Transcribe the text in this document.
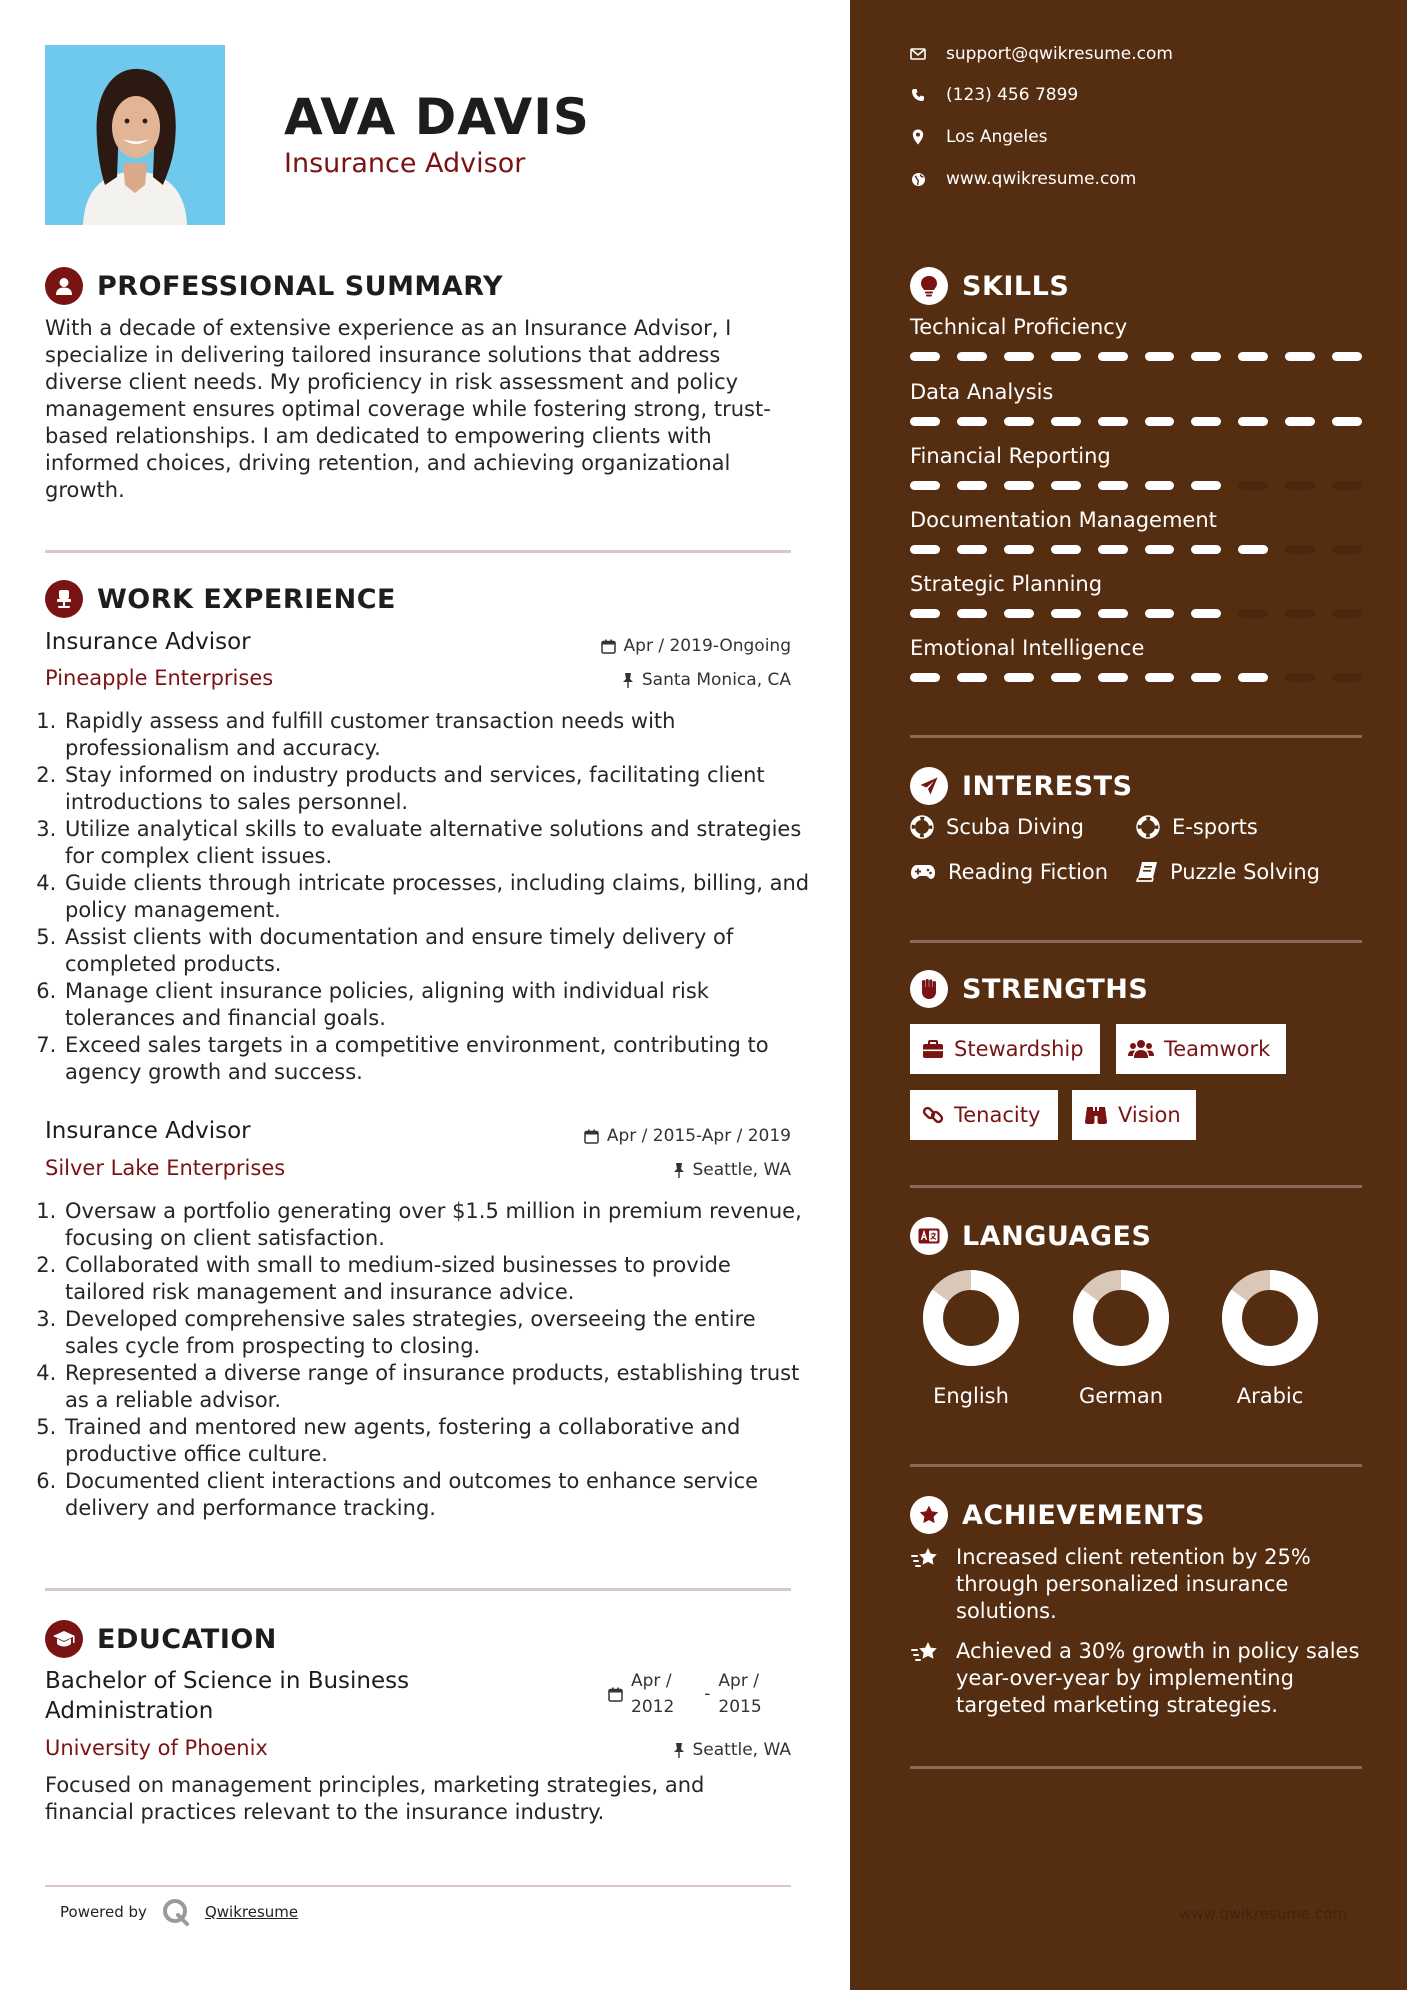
AVA DAVIS
Insurance Advisor
PROFESSIONAL SUMMARY

With a decade of extensive experience as an Insurance Advisor, I specialize in delivering tailored insurance solutions that address diverse client needs. My proficiency in risk assessment and policy management ensures optimal coverage while fostering strong, trust-based relationships. I am dedicated to empowering clients with informed choices, driving retention, and achieving organizational growth.

WORK EXPERIENCE
Insurance Advisor	Apr / 2019-Ongoing
Pineapple Enterprises	Santa Monica, CA
1. Rapidly assess and fulfill customer transaction needs with professionalism and accuracy.
2. Stay informed on industry products and services, facilitating client introductions to sales personnel.
3. Utilize analytical skills to evaluate alternative solutions and strategies for complex client issues.
4. Guide clients through intricate processes, including claims, billing, and policy management.
5. Assist clients with documentation and ensure timely delivery of completed products.
6. Manage client insurance policies, aligning with individual risk tolerances and financial goals.
7. Exceed sales targets in a competitive environment, contributing to agency growth and success.
Insurance Advisor	Apr / 2015-Apr / 2019
Silver Lake Enterprises	Seattle, WA
1. Oversaw a portfolio generating over $1.5 million in premium revenue, focusing on client satisfaction.
2. Collaborated with small to medium-sized businesses to provide tailored risk management and insurance advice.
3. Developed comprehensive sales strategies, overseeing the entire sales cycle from prospecting to closing.
4. Represented a diverse range of insurance products, establishing trust as a reliable advisor.
5. Trained and mentored new agents, fostering a collaborative and productive office culture.
6. Documented client interactions and outcomes to enhance service delivery and performance tracking.
EDUCATION
Bachelor of Science in Business
Administration
Apr /
2012
-
Apr /
2015
University of Phoenix	Seattle, WA

Focused on management principles, marketing strategies, and financial practices relevant to the insurance industry.

Powered by	Qwikresume
support@qwikresume.com
(123) 456 7899
Los Angeles
www.qwikresume.com
SKILLS
Technical Proficiency
Data Analysis
Financial Reporting
Documentation Management
Strategic Planning
Emotional Intelligence
INTERESTS
Scuba Diving	E-sports
Reading Fiction	Puzzle Solving
STRENGTHS
Stewardship	Teamwork
Tenacity	Vision
LANGUAGES
English	German	Arabic
ACHIEVEMENTS
Increased client retention by 25%
through personalized insurance
solutions.
Achieved a 30% growth in policy sales
year-over-year by implementing
targeted marketing strategies.
www.qwikresume.com
